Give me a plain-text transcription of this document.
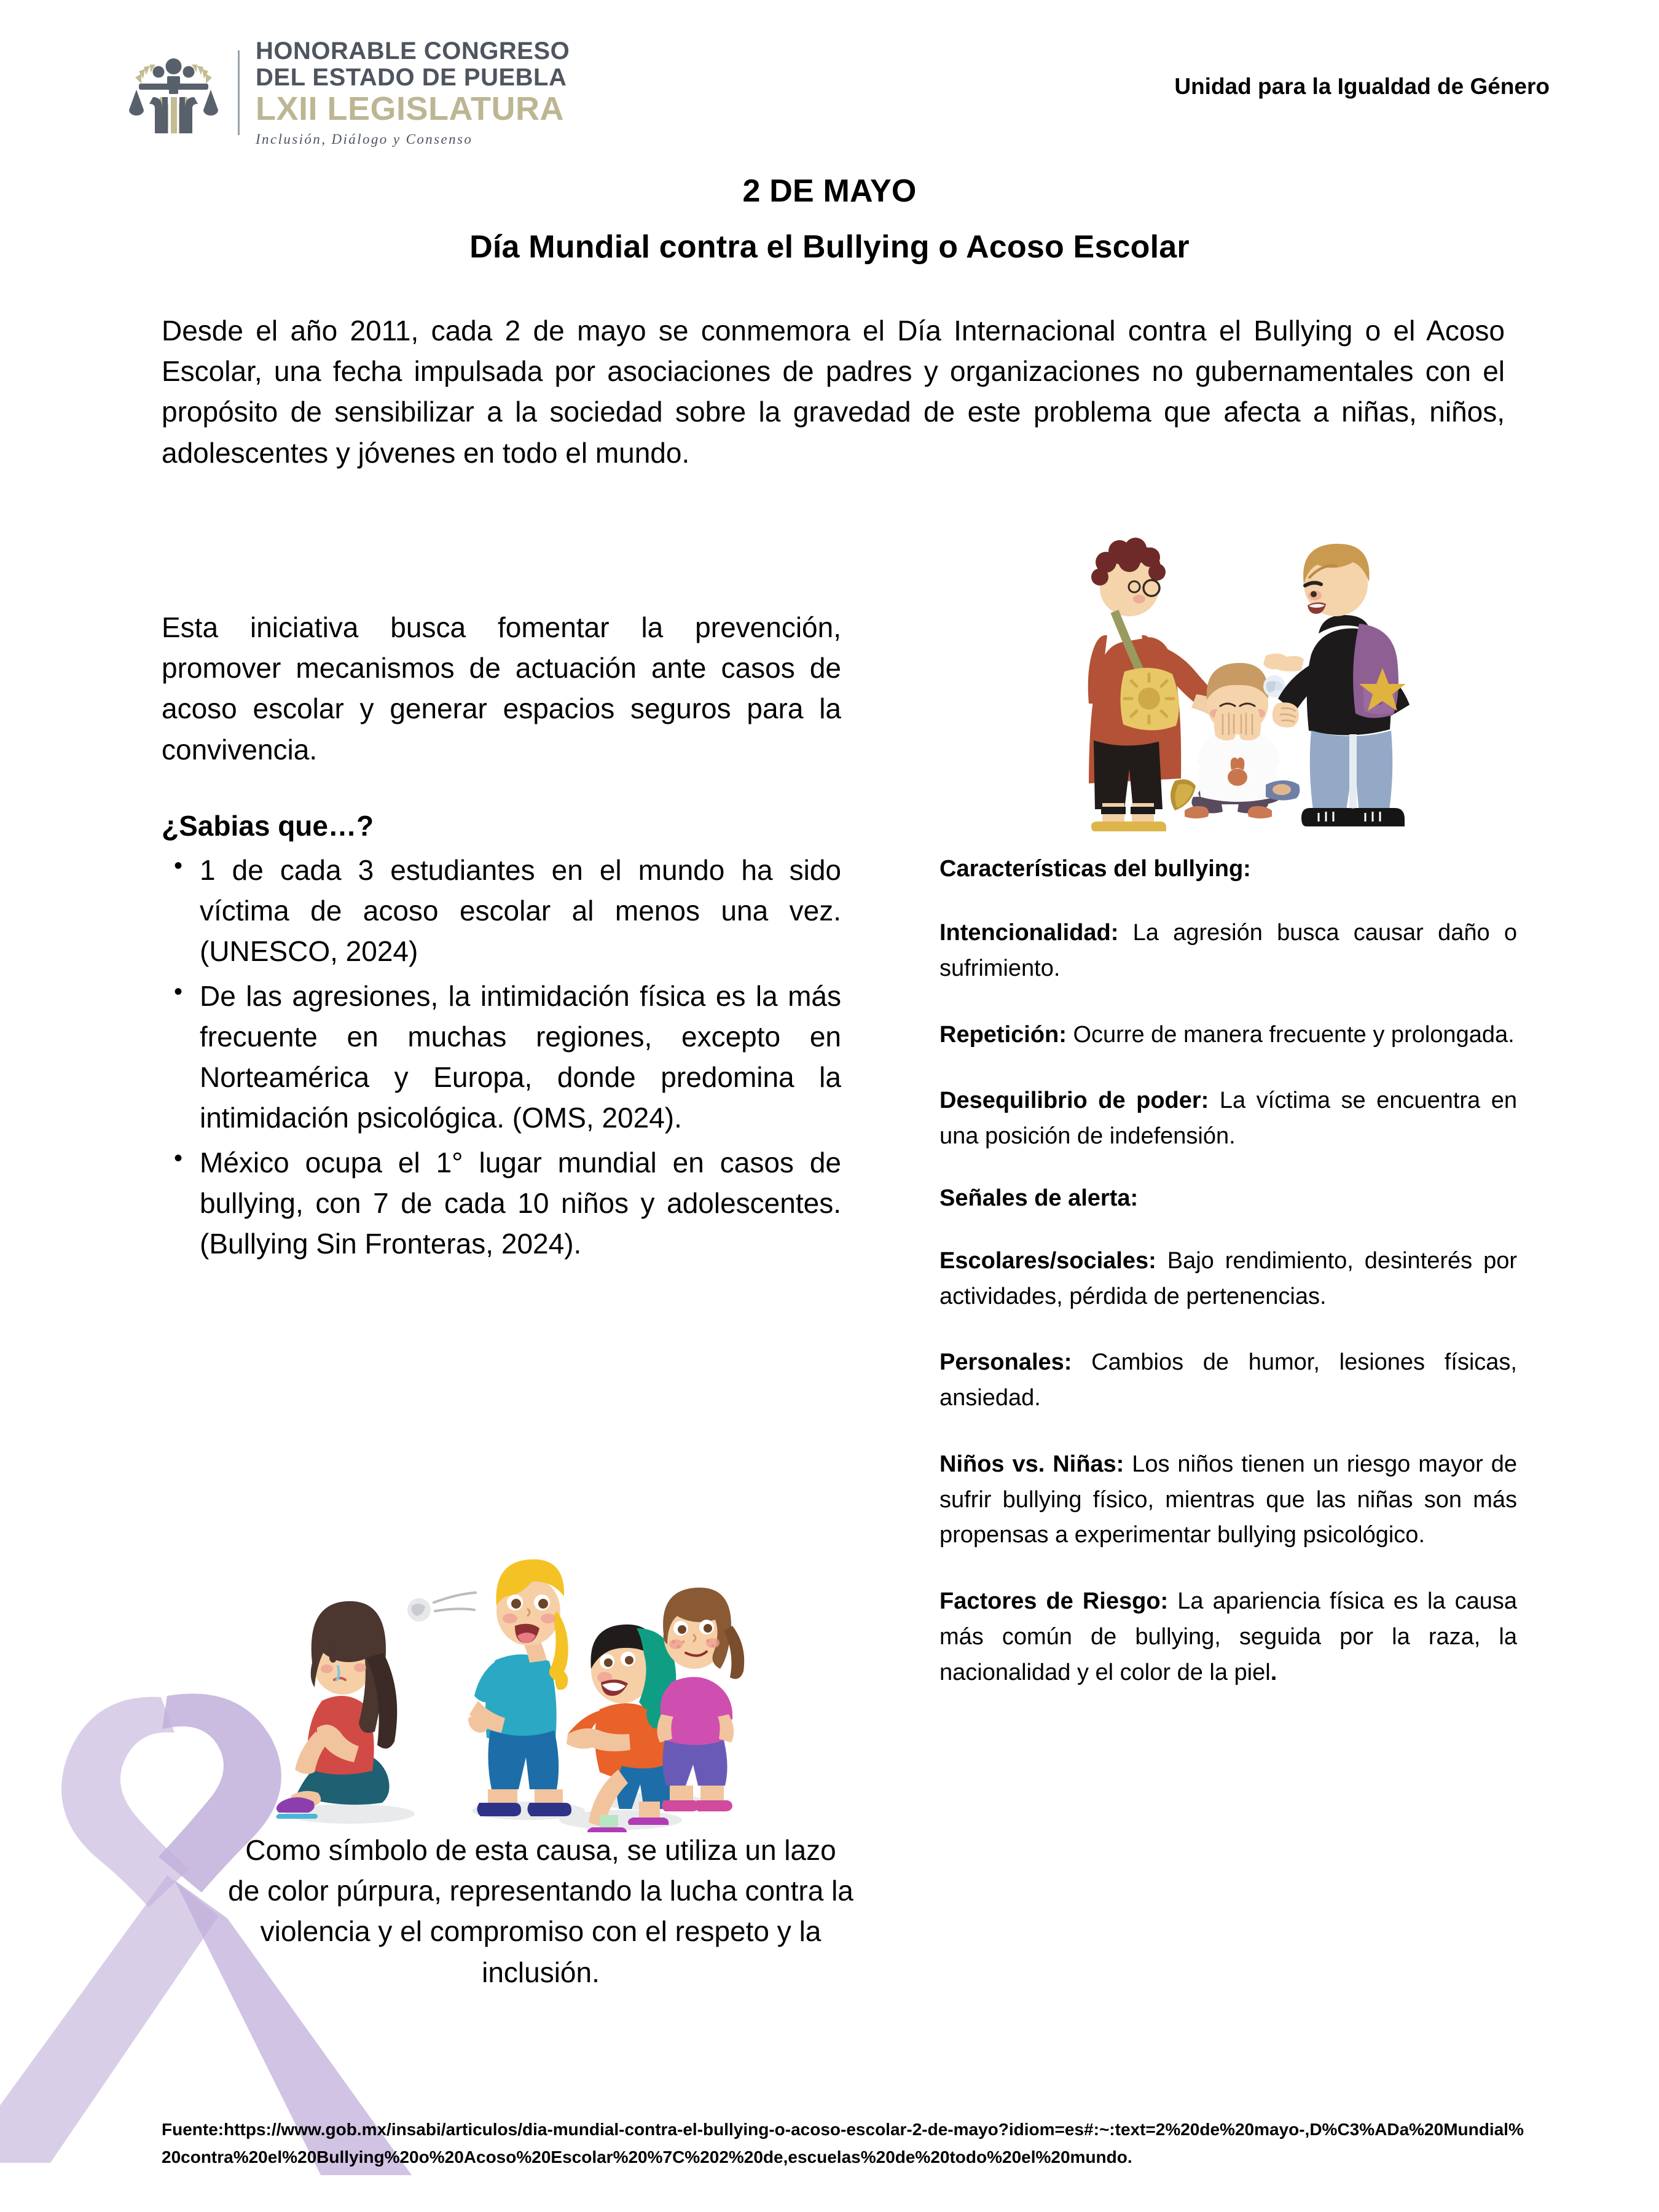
HONORABLE CONGRESO
DEL ESTADO DE PUEBLA
LXII LEGISLATURA
Inclusión, Diálogo y Consenso
Unidad para la Igualdad de Género
2 DE MAYO
Día Mundial contra el Bullying o Acoso Escolar
Desde el año 2011, cada 2 de mayo se conmemora el Día Internacional contra el Bullying o el Acoso Escolar, una fecha impulsada por asociaciones de padres y organizaciones no gubernamentales con el propósito de sensibilizar a la sociedad sobre la gravedad de este problema que afecta a niñas, niños, adolescentes y jóvenes en todo el mundo.
Esta iniciativa busca fomentar la prevención, promover mecanismos de actuación ante casos de acoso escolar y generar espacios seguros para la convivencia.
¿Sabias que…?
• 1 de cada 3 estudiantes en el mundo ha sido víctima de acoso escolar al menos una vez. (UNESCO, 2024)
• De las agresiones, la intimidación física es la más frecuente en muchas regiones, excepto en Norteamérica y Europa, donde predomina la intimidación psicológica. (OMS, 2024).
• México ocupa el 1° lugar mundial en casos de bullying, con 7 de cada 10 niños y adolescentes. (Bullying Sin Fronteras, 2024).
Como símbolo de esta causa, se utiliza un lazo de color púrpura, representando la lucha contra la violencia y el compromiso con el respeto y la inclusión.
Características del bullying:
Intencionalidad: La agresión busca causar daño o sufrimiento.
Repetición: Ocurre de manera frecuente y prolongada.
Desequilibrio de poder: La víctima se encuentra en una posición de indefensión.
Señales de alerta:
Escolares/sociales: Bajo rendimiento, desinterés por actividades, pérdida de pertenencias.
Personales: Cambios de humor, lesiones físicas, ansiedad.
Niños vs. Niñas: Los niños tienen un riesgo mayor de sufrir bullying físico, mientras que las niñas son más propensas a experimentar bullying psicológico.
Factores de Riesgo: La apariencia física es la causa más común de bullying, seguida por la raza, la nacionalidad y el color de la piel.
Fuente:https://www.gob.mx/insabi/articulos/dia-mundial-contra-el-bullying-o-acoso-escolar-2-de-mayo?idiom=es#:~:text=2%20de%20mayo-,D%C3%ADa%20Mundial%20contra%20el%20Bullying%20o%20Acoso%20Escolar%20%7C%202%20de,escuelas%20de%20todo%20el%20mundo.
